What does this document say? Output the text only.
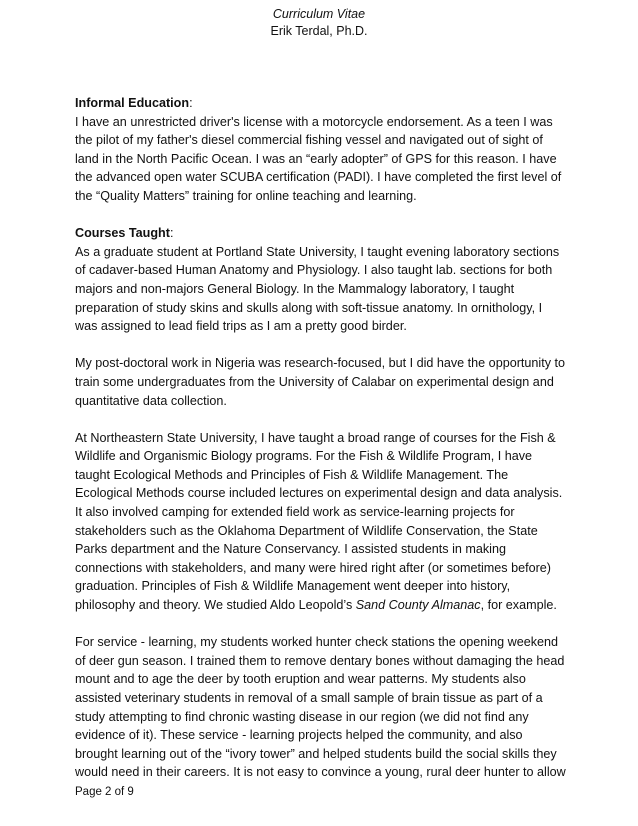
Curriculum Vitae
Erik Terdal, Ph.D.

Informal Education:
I have an unrestricted driver's license with a motorcycle endorsement. As a teen I was
the pilot of my father's diesel commercial fishing vessel and navigated out of sight of
land in the North Pacific Ocean. I was an “early adopter” of GPS for this reason. I have
the advanced open water SCUBA certification (PADI). I have completed the first level of
the “Quality Matters” training for online teaching and learning.

Courses Taught:
As a graduate student at Portland State University, I taught evening laboratory sections
of cadaver-based Human Anatomy and Physiology. I also taught lab. sections for both
majors and non-majors General Biology. In the Mammalogy laboratory, I taught
preparation of study skins and skulls along with soft-tissue anatomy. In ornithology, I
was assigned to lead field trips as I am a pretty good birder.

My post-doctoral work in Nigeria was research-focused, but I did have the opportunity to
train some undergraduates from the University of Calabar on experimental design and
quantitative data collection.

At Northeastern State University, I have taught a broad range of courses for the Fish &
Wildlife and Organismic Biology programs. For the Fish & Wildlife Program, I have
taught Ecological Methods and Principles of Fish & Wildlife Management. The
Ecological Methods course included lectures on experimental design and data analysis.
It also involved camping for extended field work as service-learning projects for
stakeholders such as the Oklahoma Department of Wildlife Conservation, the State
Parks department and the Nature Conservancy. I assisted students in making
connections with stakeholders, and many were hired right after (or sometimes before)
graduation. Principles of Fish & Wildlife Management went deeper into history,
philosophy and theory. We studied Aldo Leopold’s Sand County Almanac, for example.

For service - learning, my students worked hunter check stations the opening weekend
of deer gun season. I trained them to remove dentary bones without damaging the head
mount and to age the deer by tooth eruption and wear patterns. My students also
assisted veterinary students in removal of a small sample of brain tissue as part of a
study attempting to find chronic wasting disease in our region (we did not find any
evidence of it). These service - learning projects helped the community, and also
brought learning out of the “ivory tower” and helped students build the social skills they
would need in their careers. It is not easy to convince a young, rural deer hunter to allow

Page 2 of 9
